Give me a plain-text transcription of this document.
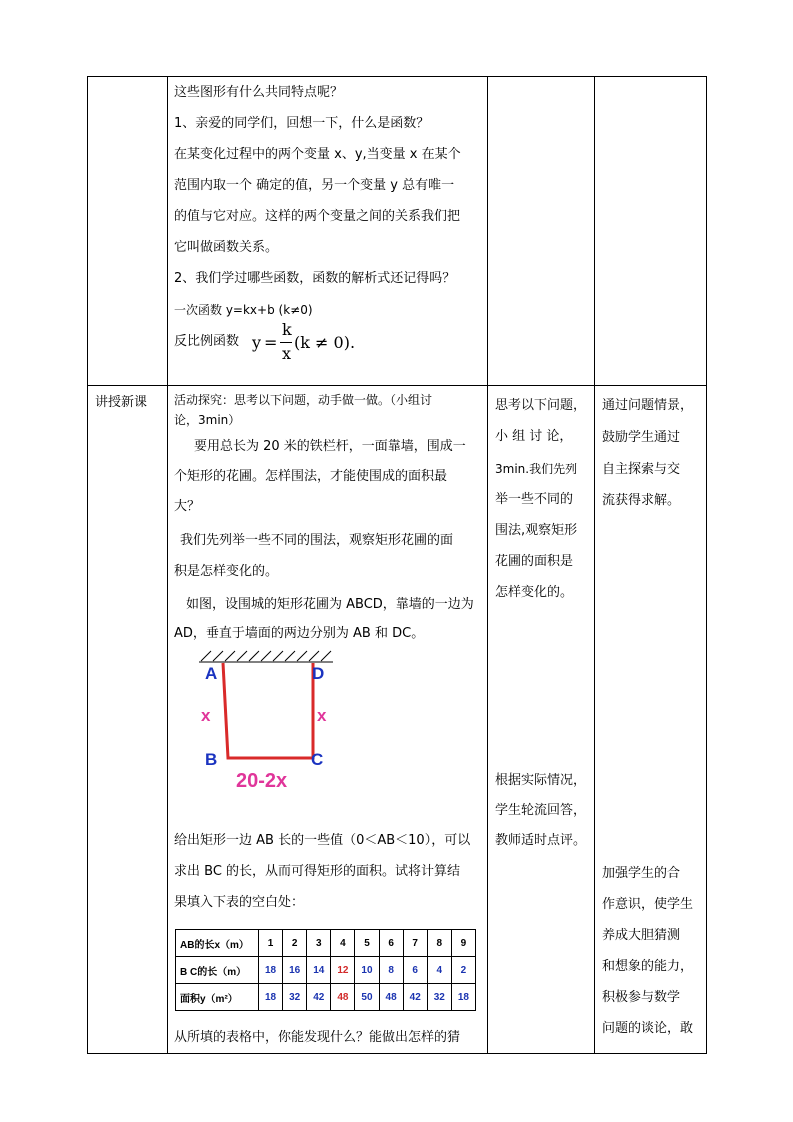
这些图形有什么共同特点呢？
1、亲爱的同学们，回想一下，什么是函数？
在某变化过程中的两个变量 x、y,当变量 x 在某个
范围内取一个 确定的值，另一个变量 y 总有唯一
的值与它对应。这样的两个变量之间的关系我们把
它叫做函数关系。
2、我们学过哪些函数，函数的解析式还记得吗？
一次函数 y=kx+b (k≠0)
反比例函数 y =
k
x
(k ≠ 0).
讲授新课 活动探究：思考以下问题，动手做一做。（小组讨
论，3min）
要用总长为 20 米的铁栏杆，一面靠墙，围成一
个矩形的花圃。怎样围法，才能使围成的面积最
大？
我们先列举一些不同的围法，观察矩形花圃的面
积是怎样变化的。
如图，设围城的矩形花圃为 ABCD，靠墙的一边为
AD，垂直于墙面的两边分别为 AB 和 DC。
A	D
B	C
x	x
20-2x
给出矩形一边 AB 长的一些值（0＜AB＜10），可以
求出 BC 的长，从而可得矩形的面积。试将计算结
果填入下表的空白处：
AB的长x（m）	1	2	3	4	5	6	7	8	9
B C的长（m）	18	16	14	12	10	8	6	4	2
面积y（m²）	18	32	42	48	50	48	42	32	18
从所填的表格中，你能发现什么？能做出怎样的猜
思考以下问题，
小 组 讨 论，
3min.我们先列
举一些不同的
围法,观察矩形
花圃的面积是
怎样变化的。
根据实际情况，
学生轮流回答，
教师适时点评。
通过问题情景，
鼓励学生通过
自主探索与交
流获得求解。
加强学生的合
作意识，使学生
养成大胆猜测
和想象的能力，
积极参与数学
问题的谈论，敢
